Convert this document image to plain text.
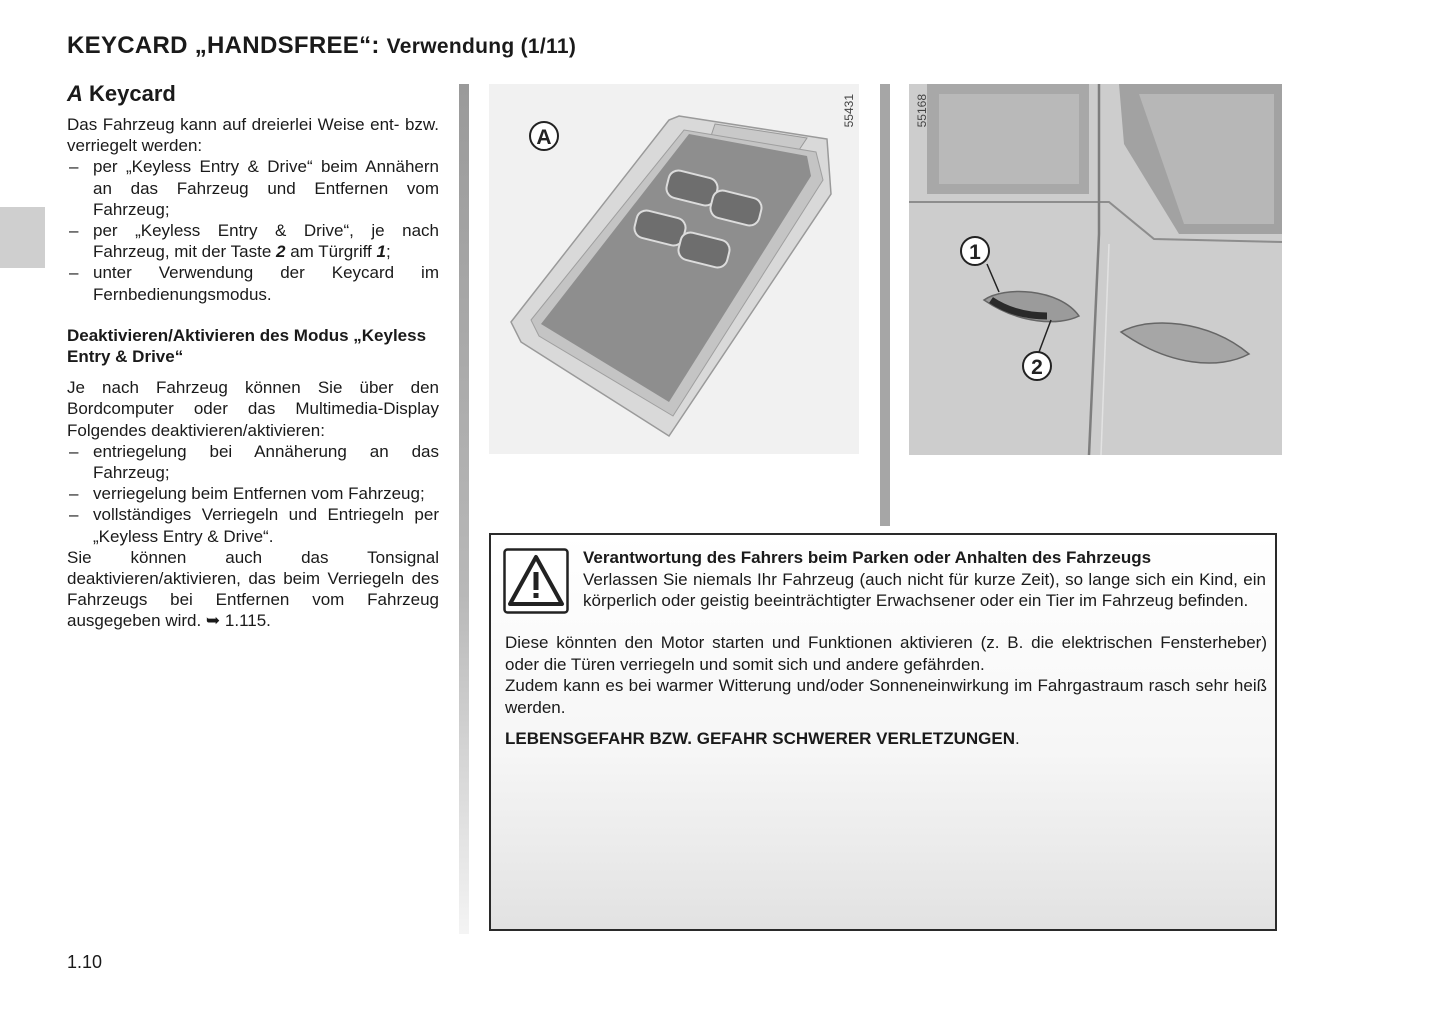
KEYCARD „HANDSFREE“: Verwendung (1/11)
A Keycard

Das Fahrzeug kann auf dreierlei Weise ent- bzw. verriegelt werden:

– per „Keyless Entry & Drive“ beim Annähern an das Fahrzeug und Entfernen vom Fahrzeug;
– per „Keyless Entry & Drive“, je nach Fahrzeug, mit der Taste 2 am Türgriff 1;
– unter Verwendung der Keycard im Fernbedienungsmodus.

Deaktivieren/Aktivieren des Modus „Keyless Entry & Drive“

Je nach Fahrzeug können Sie über den Bordcomputer oder das Multimedia-Display Folgendes deaktivieren/aktivieren:

– entriegelung bei Annäherung an das Fahrzeug;
– verriegelung beim Entfernen vom Fahrzeug;
– vollständiges Verriegeln und Entriegeln per „Keyless Entry & Drive“.

Sie können auch das Tonsignal deaktivieren/aktivieren, das beim Verriegeln des Fahrzeugs bei Entfernen vom Fahrzeug ausgegeben wird. ➥ 1.115.

A
55431
1
2
55168

Verantwortung des Fahrers beim Parken oder Anhalten des Fahrzeugs

Verlassen Sie niemals Ihr Fahrzeug (auch nicht für kurze Zeit), so lange sich ein Kind, ein körperlich oder geistig beeinträchtigter Erwachsener oder ein Tier im Fahrzeug befinden.

Diese könnten den Motor starten und Funktionen aktivieren (z. B. die elektrischen Fensterheber) oder die Türen verriegeln und somit sich und andere gefährden.

Zudem kann es bei warmer Witterung und/oder Sonneneinwirkung im Fahrgastraum rasch sehr heiß werden.

LEBENSGEFAHR BZW. GEFAHR SCHWERER VERLETZUNGEN.

1.10
